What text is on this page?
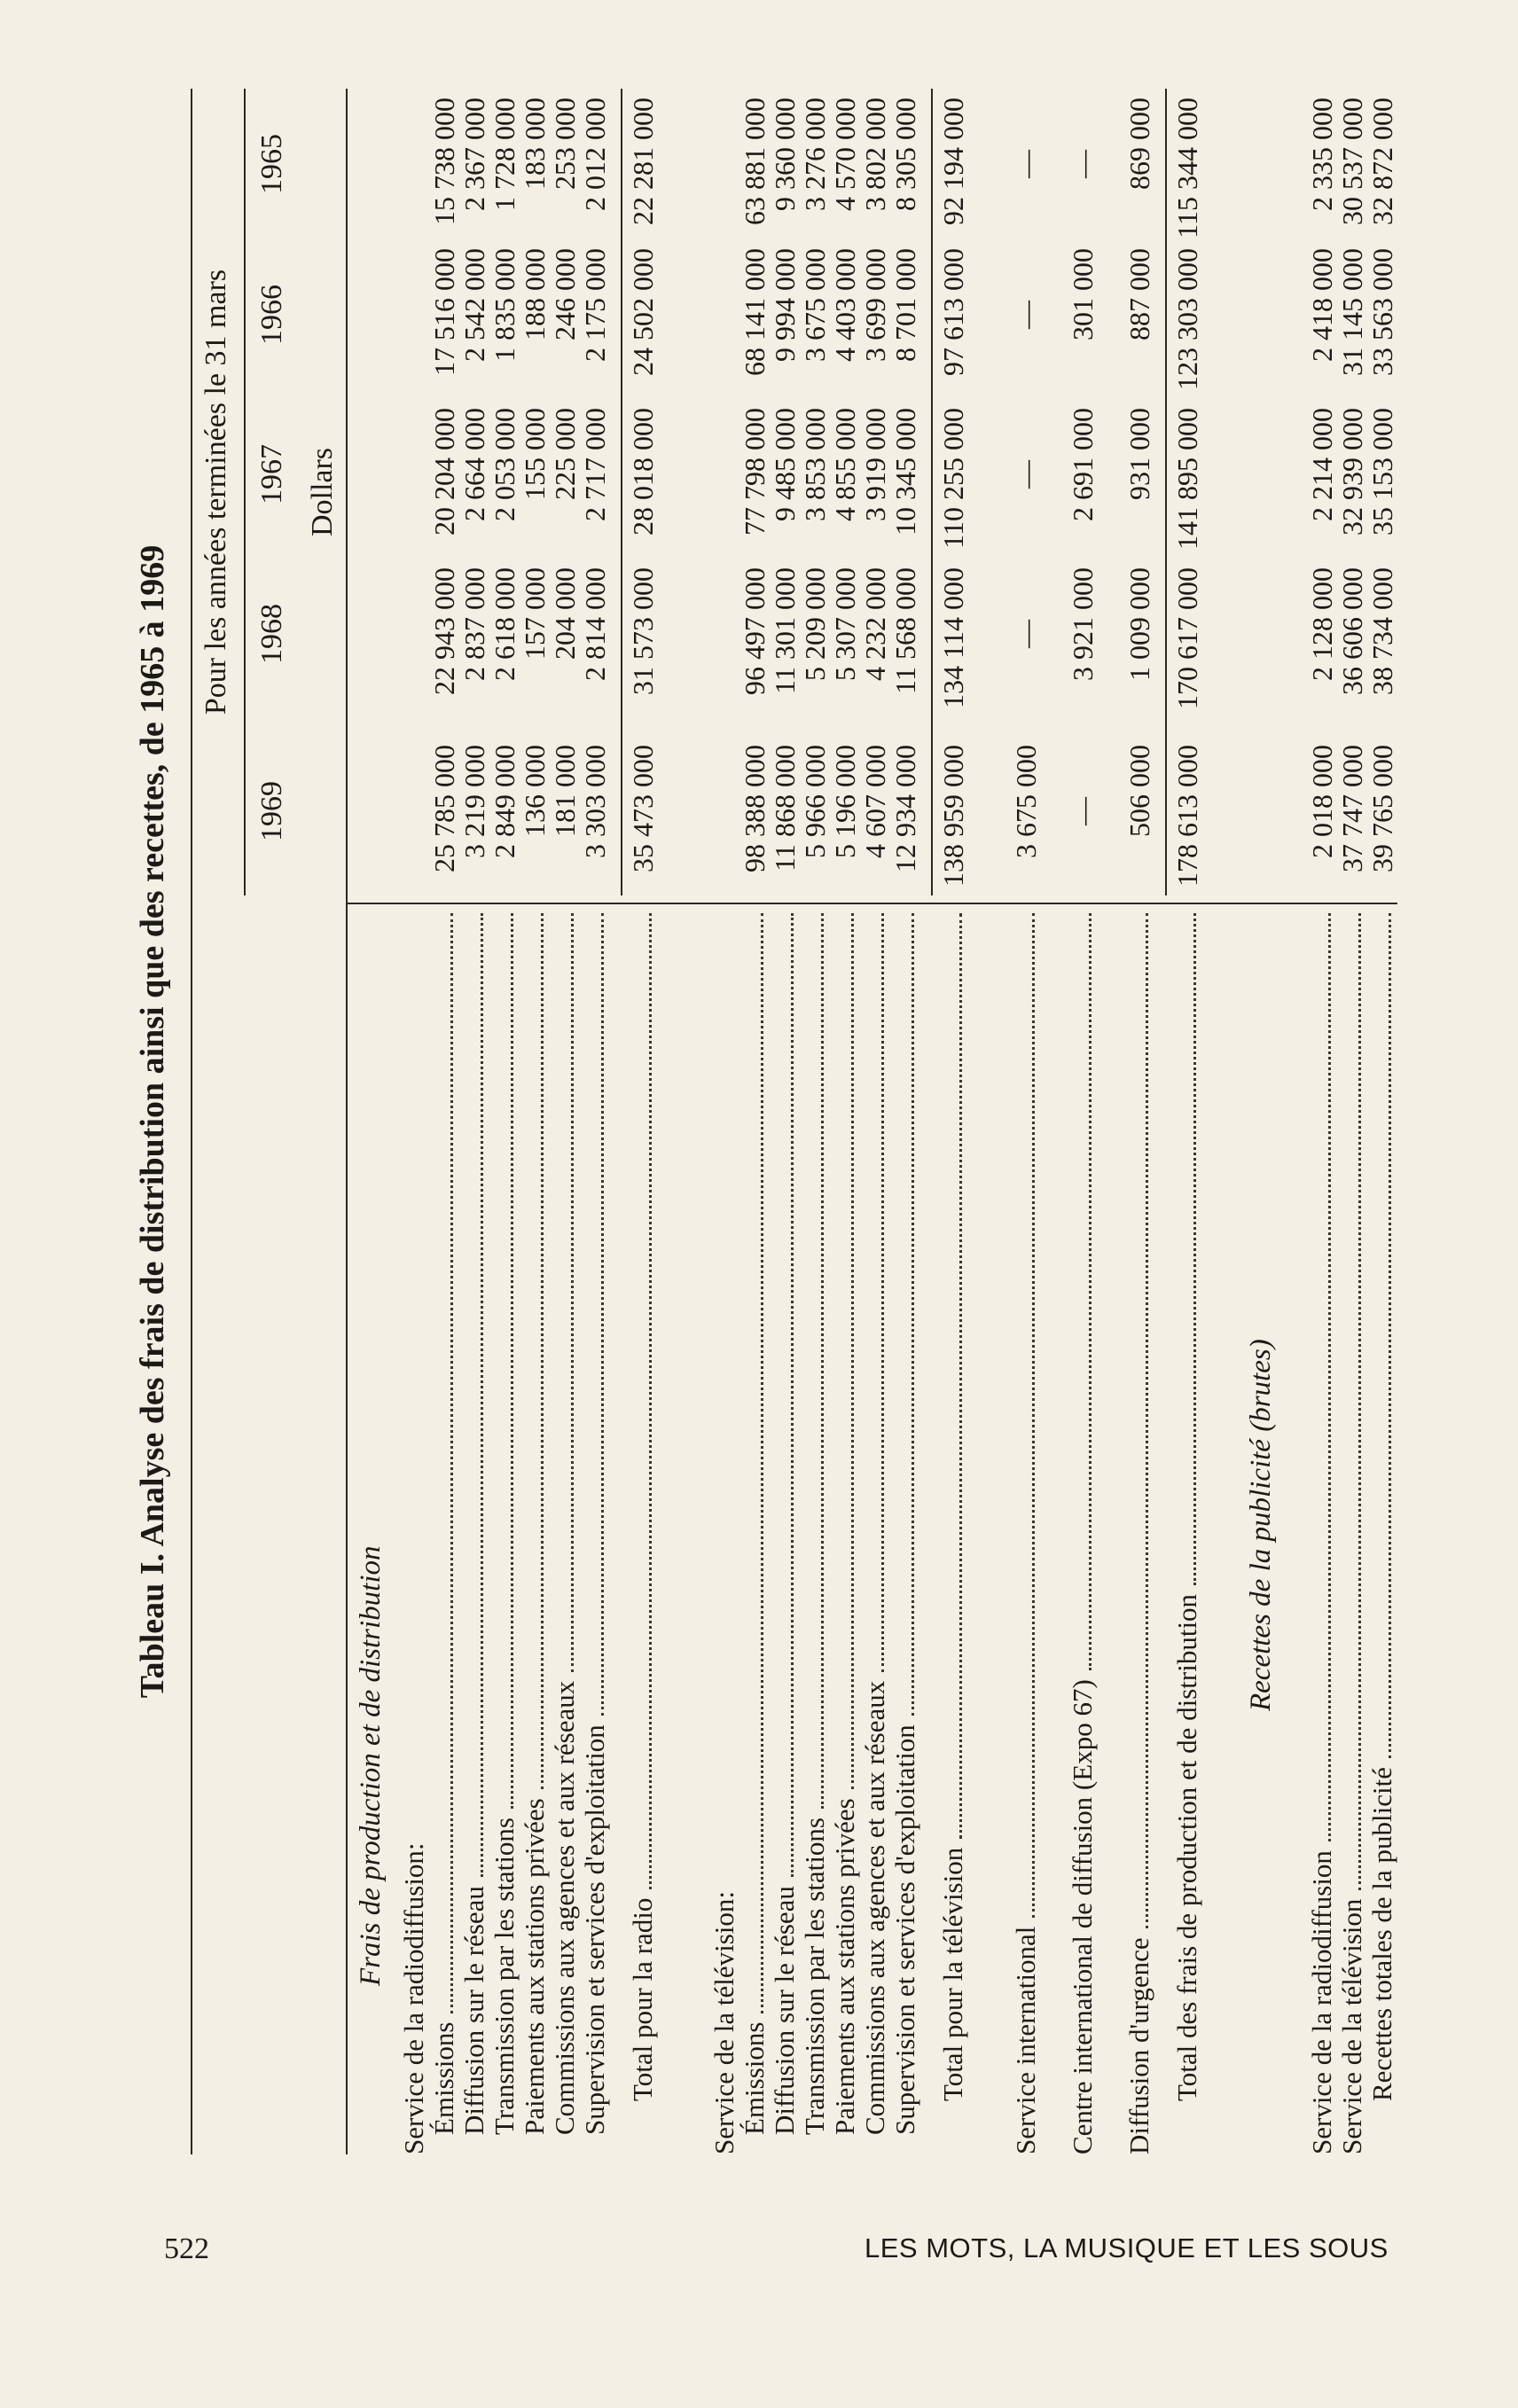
Tableau I. Analyse des frais de distribution ainsi que des recettes, de 1965 à 1969
Pour les années terminées le 31 mars
1969
1968
1967
1966
1965
Dollars
Frais de production et de distribution
Service de la radiodiffusion: Émissions
25 785 000
22 943 000
20 204 000
17 516 000
15 738 000
Diffusion sur le réseau
3 219 000
2 837 000
2 664 000
2 542 000
2 367 000
Transmission par les stations
2 849 000
2 618 000
2 053 000
1 835 000
1 728 000
Paiements aux stations privées
136 000
157 000
155 000
188 000
183 000
Commissions aux agences et aux réseaux
181 000
204 000
225 000
246 000
253 000
Supervision et services d'exploitation
3 303 000
2 814 000
2 717 000
2 175 000
2 012 000
Total pour la radio
35 473 000
31 573 000
28 018 000
24 502 000
22 281 000
Service de la télévision: Émissions
98 388 000
96 497 000
77 798 000
68 141 000
63 881 000
Diffusion sur le réseau
11 868 000
11 301 000
9 485 000
9 994 000
9 360 000
Transmission par les stations
5 966 000
5 209 000
3 853 000
3 675 000
3 276 000
Paiements aux stations privées
5 196 000
5 307 000
4 855 000
4 403 000
4 570 000
Commissions aux agences et aux réseaux
4 607 000
4 232 000
3 919 000
3 699 000
3 802 000
Supervision et services d'exploitation
12 934 000
11 568 000
10 345 000
8 701 000
8 305 000
Total pour la télévision
138 959 000
134 114 000
110 255 000
97 613 000
92 194 000
Service international
3 675 000
—
—
—
—
Centre international de diffusion (Expo 67)
—
3 921 000
2 691 000
301 000
—
Diffusion d'urgence
506 000
1 009 000
931 000
887 000
869 000
Total des frais de production et de distribution
178 613 000
170 617 000
141 895 000
123 303 000
115 344 000
Recettes de la publicité (brutes)
Service de la radiodiffusion
2 018 000
2 128 000
2 214 000
2 418 000
2 335 000
Service de la télévision
37 747 000
36 606 000
32 939 000
31 145 000
30 537 000
Recettes totales de la publicité
39 765 000
38 734 000
35 153 000
33 563 000
32 872 000
522	LES MOTS, LA MUSIQUE ET LES SOUS
